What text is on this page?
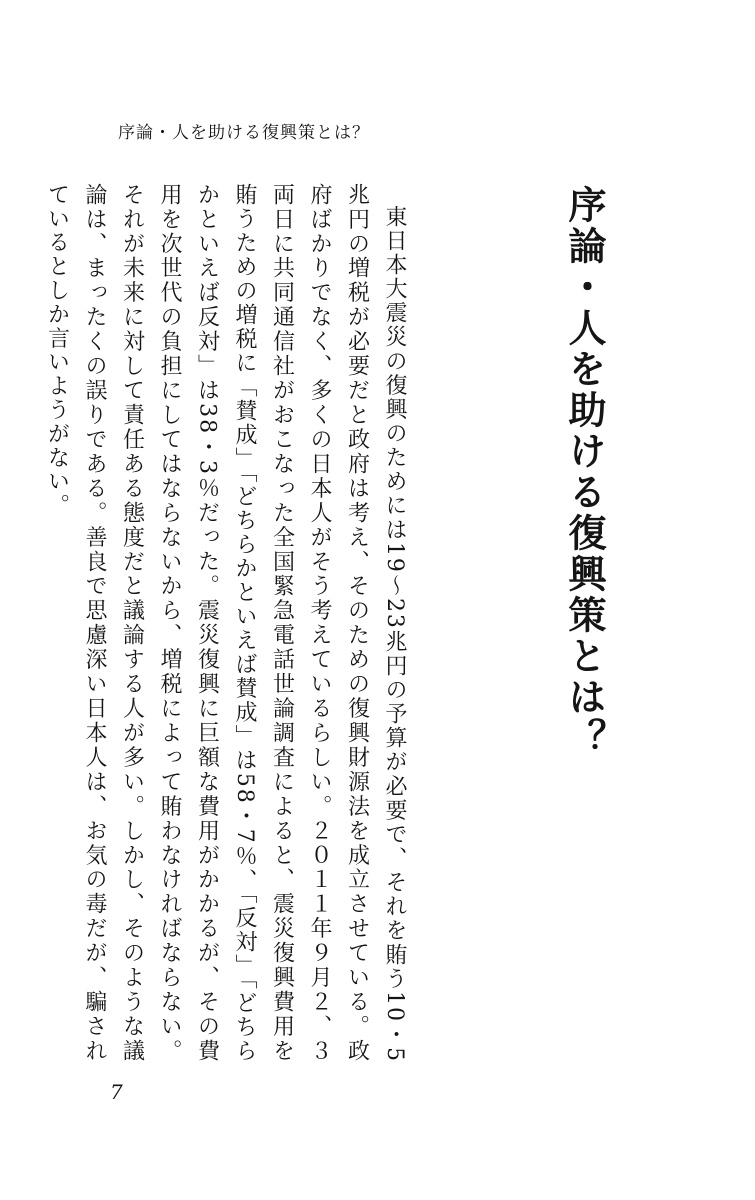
序論・人を助ける復興策とは？
序論・人を助ける復興策とは？

東日本大震災の復興のためには19～23兆円の予算が必要で、それを賄う10・5兆円の増税が必要だと政府は考え、そのための復興財源法を成立させている。政府ばかりでなく、多くの日本人がそう考えているらしい。２０１１年９月２、３両日に共同通信社がおこなった全国緊急電話世論調査によると、震災復興費用を賄うための増税に「賛成」「どちらかといえば賛成」は58・7％、「反対」「どちらかといえば反対」は38・3％だった。震災復興に巨額な費用がかかるが、その費用を次世代の負担にしてはならないから、増税によって賄わなければならない。それが未来に対して責任ある態度だと議論する人が多い。しかし、そのような議論は、まったくの誤りである。善良で思慮深い日本人は、お気の毒だが、騙されているとしか言いようがない。

7
